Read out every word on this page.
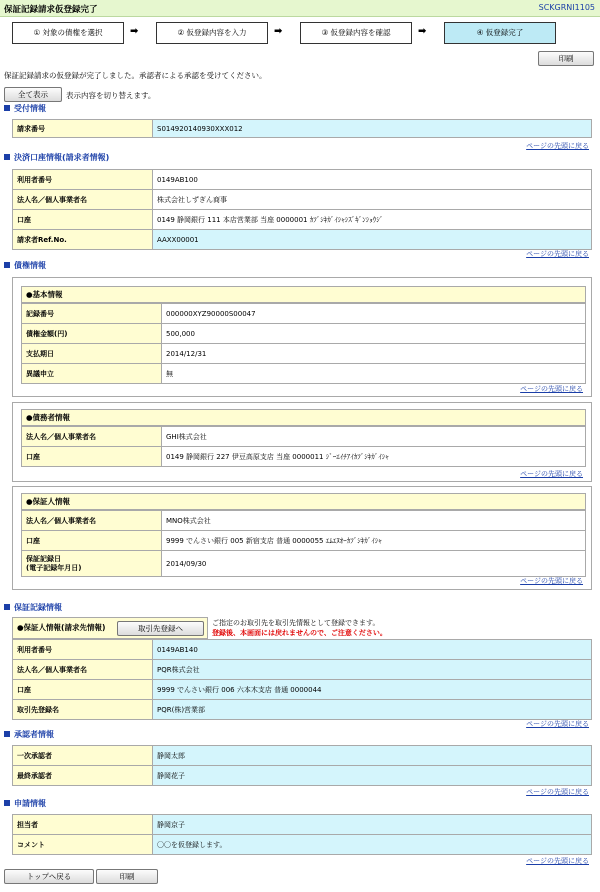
保証記録請求仮登録完了	SCKGRNI1105
① 対象の債権を選択	➡	② 仮登録内容を入力	➡	③ 仮登録内容を確認	➡	④ 仮登録完了
印刷
保証記録請求の仮登録が完了しました。承認者による承認を受けてください。
全て表示	表示内容を切り替えます。
受付情報
請求番号	S014920140930XXX012
ページの先頭に戻る
決済口座情報(請求者情報)
利用者番号	0149AB100
法人名／個人事業者名	株式会社しずぎん商事
口座	0149 静岡銀行 111 本店営業部 当座 0000001 ｶﾌﾞｼｷｶﾞｲｼｬｼｽﾞｷﾞﾝｼｮｳｼﾞ
請求者Ref.No.	AAXX00001
ページの先頭に戻る
債権情報
●基本情報
記録番号	000000XYZ90000S00047
債権金額(円)	500,000
支払期日	2014/12/31
異議申立	無
ページの先頭に戻る
●債務者情報
法人名／個人事業者名	GHI株式会社
口座	0149 静岡銀行 227 伊豆高原支店 当座 0000011 ｼﾞｰｴｲﾁｱｲｶﾌﾞｼｷｶﾞｲｼｬ
ページの先頭に戻る
●保証人情報
法人名／個人事業者名	MNO株式会社
口座	9999 でんさい銀行 005 新宿支店 普通 0000055 ｴﾑｴﾇｵｰｶﾌﾞｼｷｶﾞｲｼｬ
保証記録日
(電子記録年月日)	2014/09/30
ページの先頭に戻る
保証記録情報
●保証人情報(請求先情報)	取引先登録へ
ご指定のお取引先を取引先情報として登録できます。
登録後、本画面には戻れませんので、ご注意ください。
利用者番号	0149AB140
法人名／個人事業者名	PQR株式会社
口座	9999 でんさい銀行 006 六本木支店 普通 0000044
取引先登録名	PQR(株)営業部
ページの先頭に戻る
承認者情報
一次承認者	静岡太郎
最終承認者	静岡花子
ページの先頭に戻る
申請情報
担当者	静岡京子
コメント	〇〇を仮登録します。
ページの先頭に戻る
トップへ戻る	印刷
